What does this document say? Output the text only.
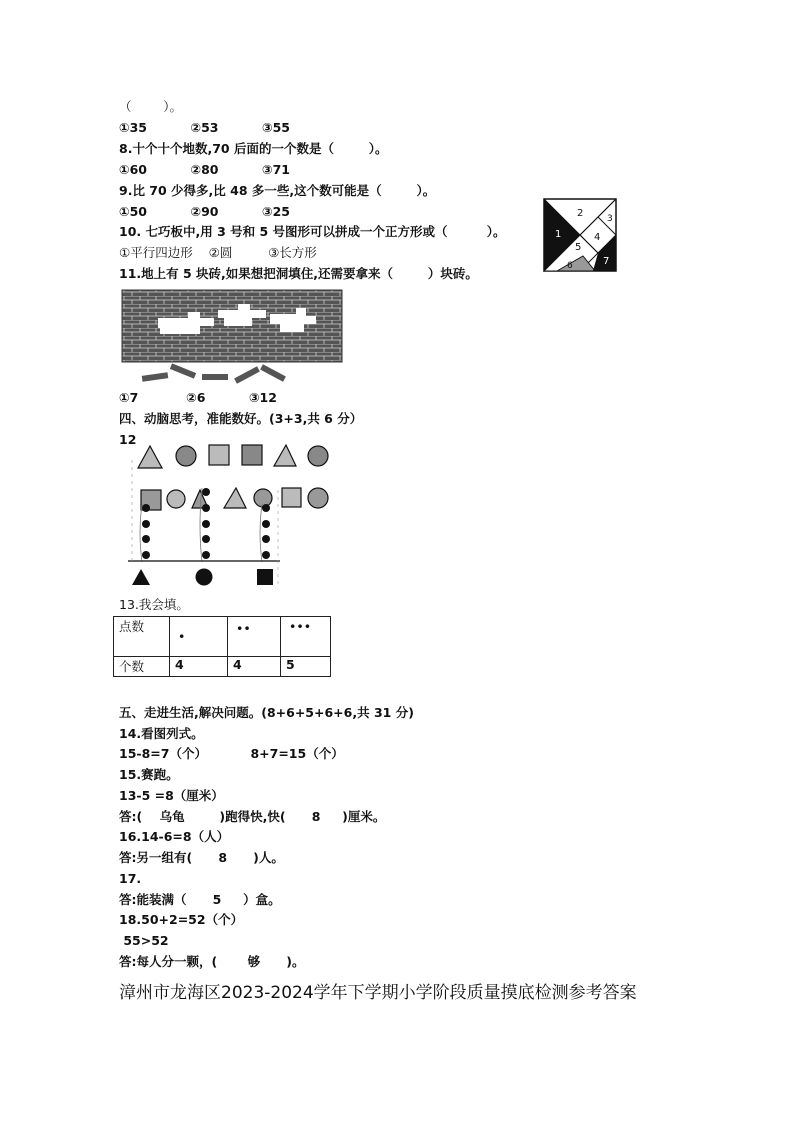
（        ）。
①35          ②53          ③55
8.十个十个地数,70 后面的一个数是（        ）。
①60          ②80          ③71
9.比 70 少得多,比 48 多一些,这个数可能是（        ）。
①50          ②90          ③25
10. 七巧板中,用 3 号和 5 号图形可以拼成一个正方形或（         ）。
①平行四边形    ②圆         ③长方形
11.地上有 5 块砖,如果想把洞填住,还需要拿来（        ）块砖。
1
2	3
4
5
6	7
①7           ②6          ③12
四、动脑思考，准能数好。(3+3,共 6 分）
12
13.我会填。
点数	•	••	•••
个数	4	4	5
五、走进生活,解决问题。(8+6+5+6+6,共 31 分)
14.看图列式。
15-8=7（个）          8+7=15（个）
15.赛跑。
13-5 =8（厘米）
答:(    乌龟        )跑得快,快(      8     )厘米。
16.14-6=8（人）
答:另一组有(      8      )人。
17.
答:能装满（      5     ）盒。
18.50+2=52（个）
55>52
答:每人分一颗，(       够      )。
漳州市龙海区2023-2024学年下学期小学阶段质量摸底检测参考答案
